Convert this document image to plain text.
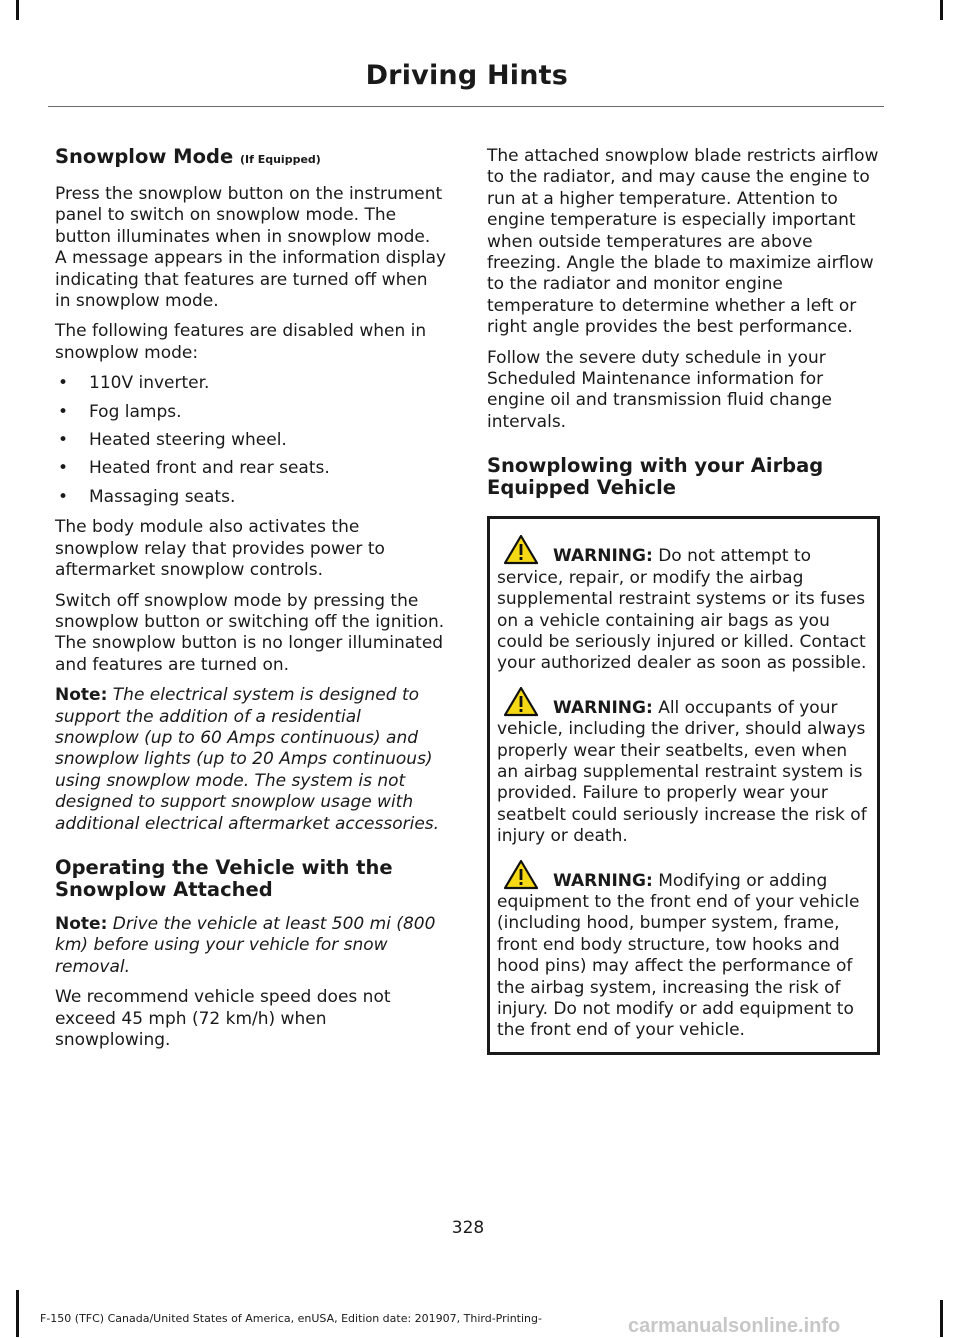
Driving Hints
Snowplow Mode (If Equipped)

Press the snowplow button on the instrument panel to switch on snowplow mode. The button illuminates when in snowplow mode. A message appears in the information display indicating that features are turned off when in snowplow mode.

The following features are disabled when in snowplow mode:

• 110V inverter.
• Fog lamps.
• Heated steering wheel.
• Heated front and rear seats.
• Massaging seats.

The body module also activates the snowplow relay that provides power to aftermarket snowplow controls.

Switch off snowplow mode by pressing the snowplow button or switching off the ignition. The snowplow button is no longer illuminated and features are turned on.

Note: The electrical system is designed to support the addition of a residential snowplow (up to 60 Amps continuous) and snowplow lights (up to 20 Amps continuous) using snowplow mode. The system is not designed to support snowplow usage with additional electrical aftermarket accessories.

Operating the Vehicle with the Snowplow Attached

Note: Drive the vehicle at least 500 mi (800 km) before using your vehicle for snow removal.

We recommend vehicle speed does not exceed 45 mph (72 km/h) when snowplowing.

The attached snowplow blade restricts airflow to the radiator, and may cause the engine to run at a higher temperature. Attention to engine temperature is especially important when outside temperatures are above freezing. Angle the blade to maximize airflow to the radiator and monitor engine temperature to determine whether a left or right angle provides the best performance.

Follow the severe duty schedule in your Scheduled Maintenance information for engine oil and transmission fluid change intervals.

Snowplowing with your Airbag Equipped Vehicle
WARNING: Do not attempt to service, repair, or modify the airbag supplemental restraint systems or its fuses on a vehicle containing air bags as you could be seriously injured or killed. Contact your authorized dealer as soon as possible.
WARNING: All occupants of your vehicle, including the driver, should always properly wear their seatbelts, even when an airbag supplemental restraint system is provided. Failure to properly wear your seatbelt could seriously increase the risk of injury or death.
WARNING: Modifying or adding equipment to the front end of your vehicle (including hood, bumper system, frame, front end body structure, tow hooks and hood pins) may affect the performance of the airbag system, increasing the risk of injury. Do not modify or add equipment to the front end of your vehicle.
328
F-150 (TFC) Canada/United States of America, enUSA, Edition date: 201907, Third-Printing-	carmanualsonline.info
